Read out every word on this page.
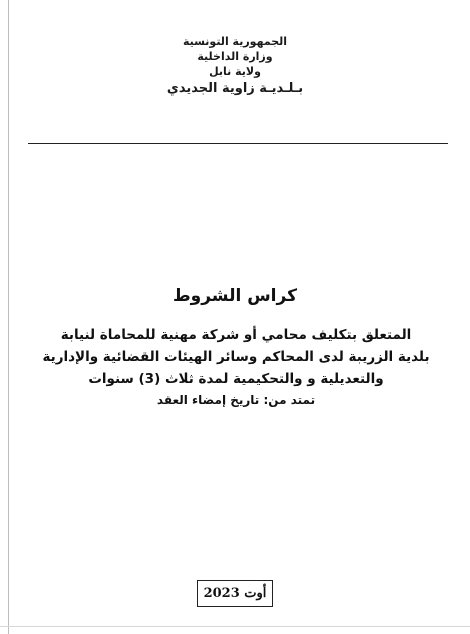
الجمهورية التونسية
وزارة الداخلية
ولاية نابل
بـلـديـة زاوية الجديدي
كراس الشروط
المتعلق بتكليف محامي أو شركة مهنية للمحاماة لنيابة
بلدية الزريبة لدى المحاكم وسائر الهيئات القضائية والإدارية
والتعديلية و والتحكيمية لمدة ثلاث (3) سنوات
تمتد من: تاريخ إمضاء العقد
أوت 2023
